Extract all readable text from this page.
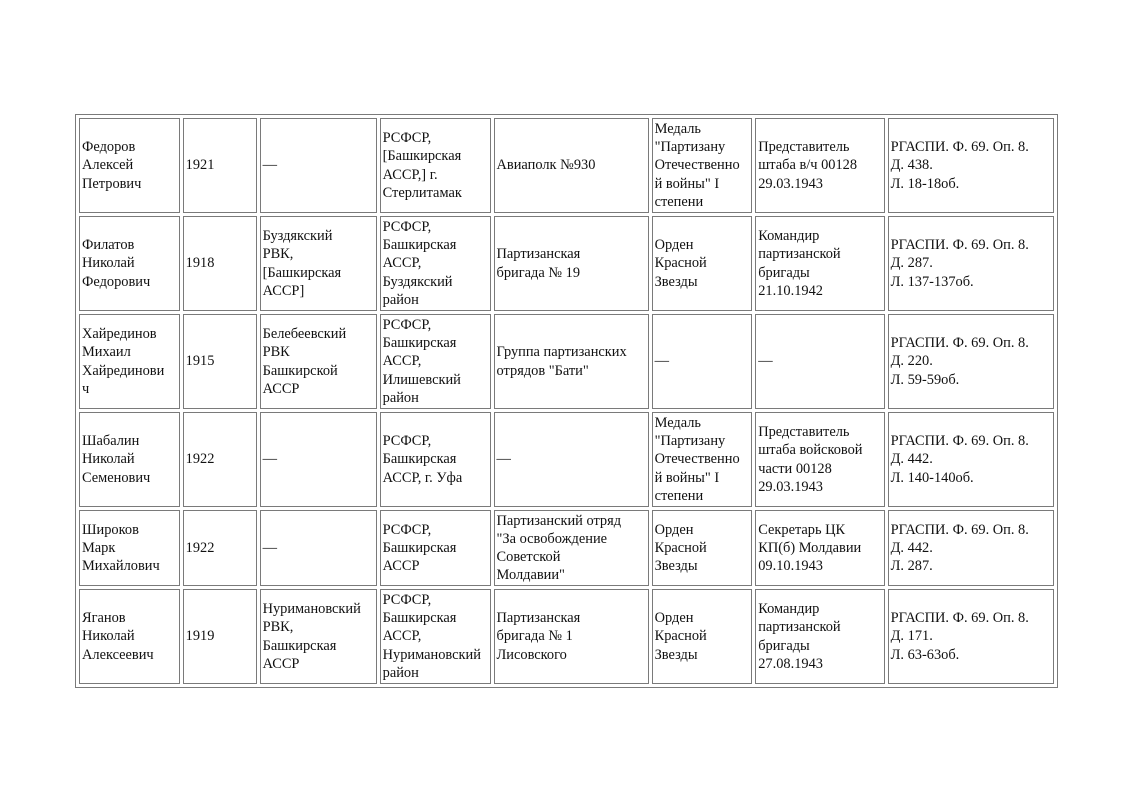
Федоров
Алексей
Петрович	1921	—	РСФСР,
[Башкирская
АССР,] г.
Стерлитамак	Авиаполк №930	Медаль
"Партизану
Отечественно
й войны" I
степени	Представитель
штаба в/ч 00128
29.03.1943	РГАСПИ. Ф. 69. Оп. 8.
Д. 438.
Л. 18-18об.

Филатов
Николай
Федорович	1918	Буздякский
РВК,
[Башкирская
АССР]	РСФСР,
Башкирская
АССР,
Буздякский
район	Партизанская
бригада № 19	Орден
Красной
Звезды	Командир
партизанской
бригады
21.10.1942	РГАСПИ. Ф. 69. Оп. 8.
Д. 287.
Л. 137-137об.

Хайрединов
Михаил
Хайрединови
ч	1915	Белебеевский
РВК
Башкирской
АССР	РСФСР,
Башкирская
АССР,
Илишевский
район	Группа партизанских
отрядов "Бати"	—	—	РГАСПИ. Ф. 69. Оп. 8.
Д. 220.
Л. 59-59об.

Шабалин
Николай
Семенович	1922	—	РСФСР,
Башкирская
АССР, г. Уфа	—	Медаль
"Партизану
Отечественно
й войны" I
степени	Представитель
штаба войсковой
части 00128
29.03.1943	РГАСПИ. Ф. 69. Оп. 8.
Д. 442.
Л. 140-140об.

Широков
Марк
Михайлович	1922	—	РСФСР,
Башкирская
АССР	Партизанский отряд
"За освобождение
Советской
Молдавии"	Орден
Красной
Звезды	Секретарь ЦК
КП(б) Молдавии
09.10.1943	РГАСПИ. Ф. 69. Оп. 8.
Д. 442.
Л. 287.

Яганов
Николай
Алексеевич	1919	Нуримановский
РВК,
Башкирская
АССР	РСФСР,
Башкирская
АССР,
Нуримановский
район	Партизанская
бригада № 1
Лисовского	Орден
Красной
Звезды	Командир
партизанской
бригады
27.08.1943	РГАСПИ. Ф. 69. Оп. 8.
Д. 171.
Л. 63-63об.
